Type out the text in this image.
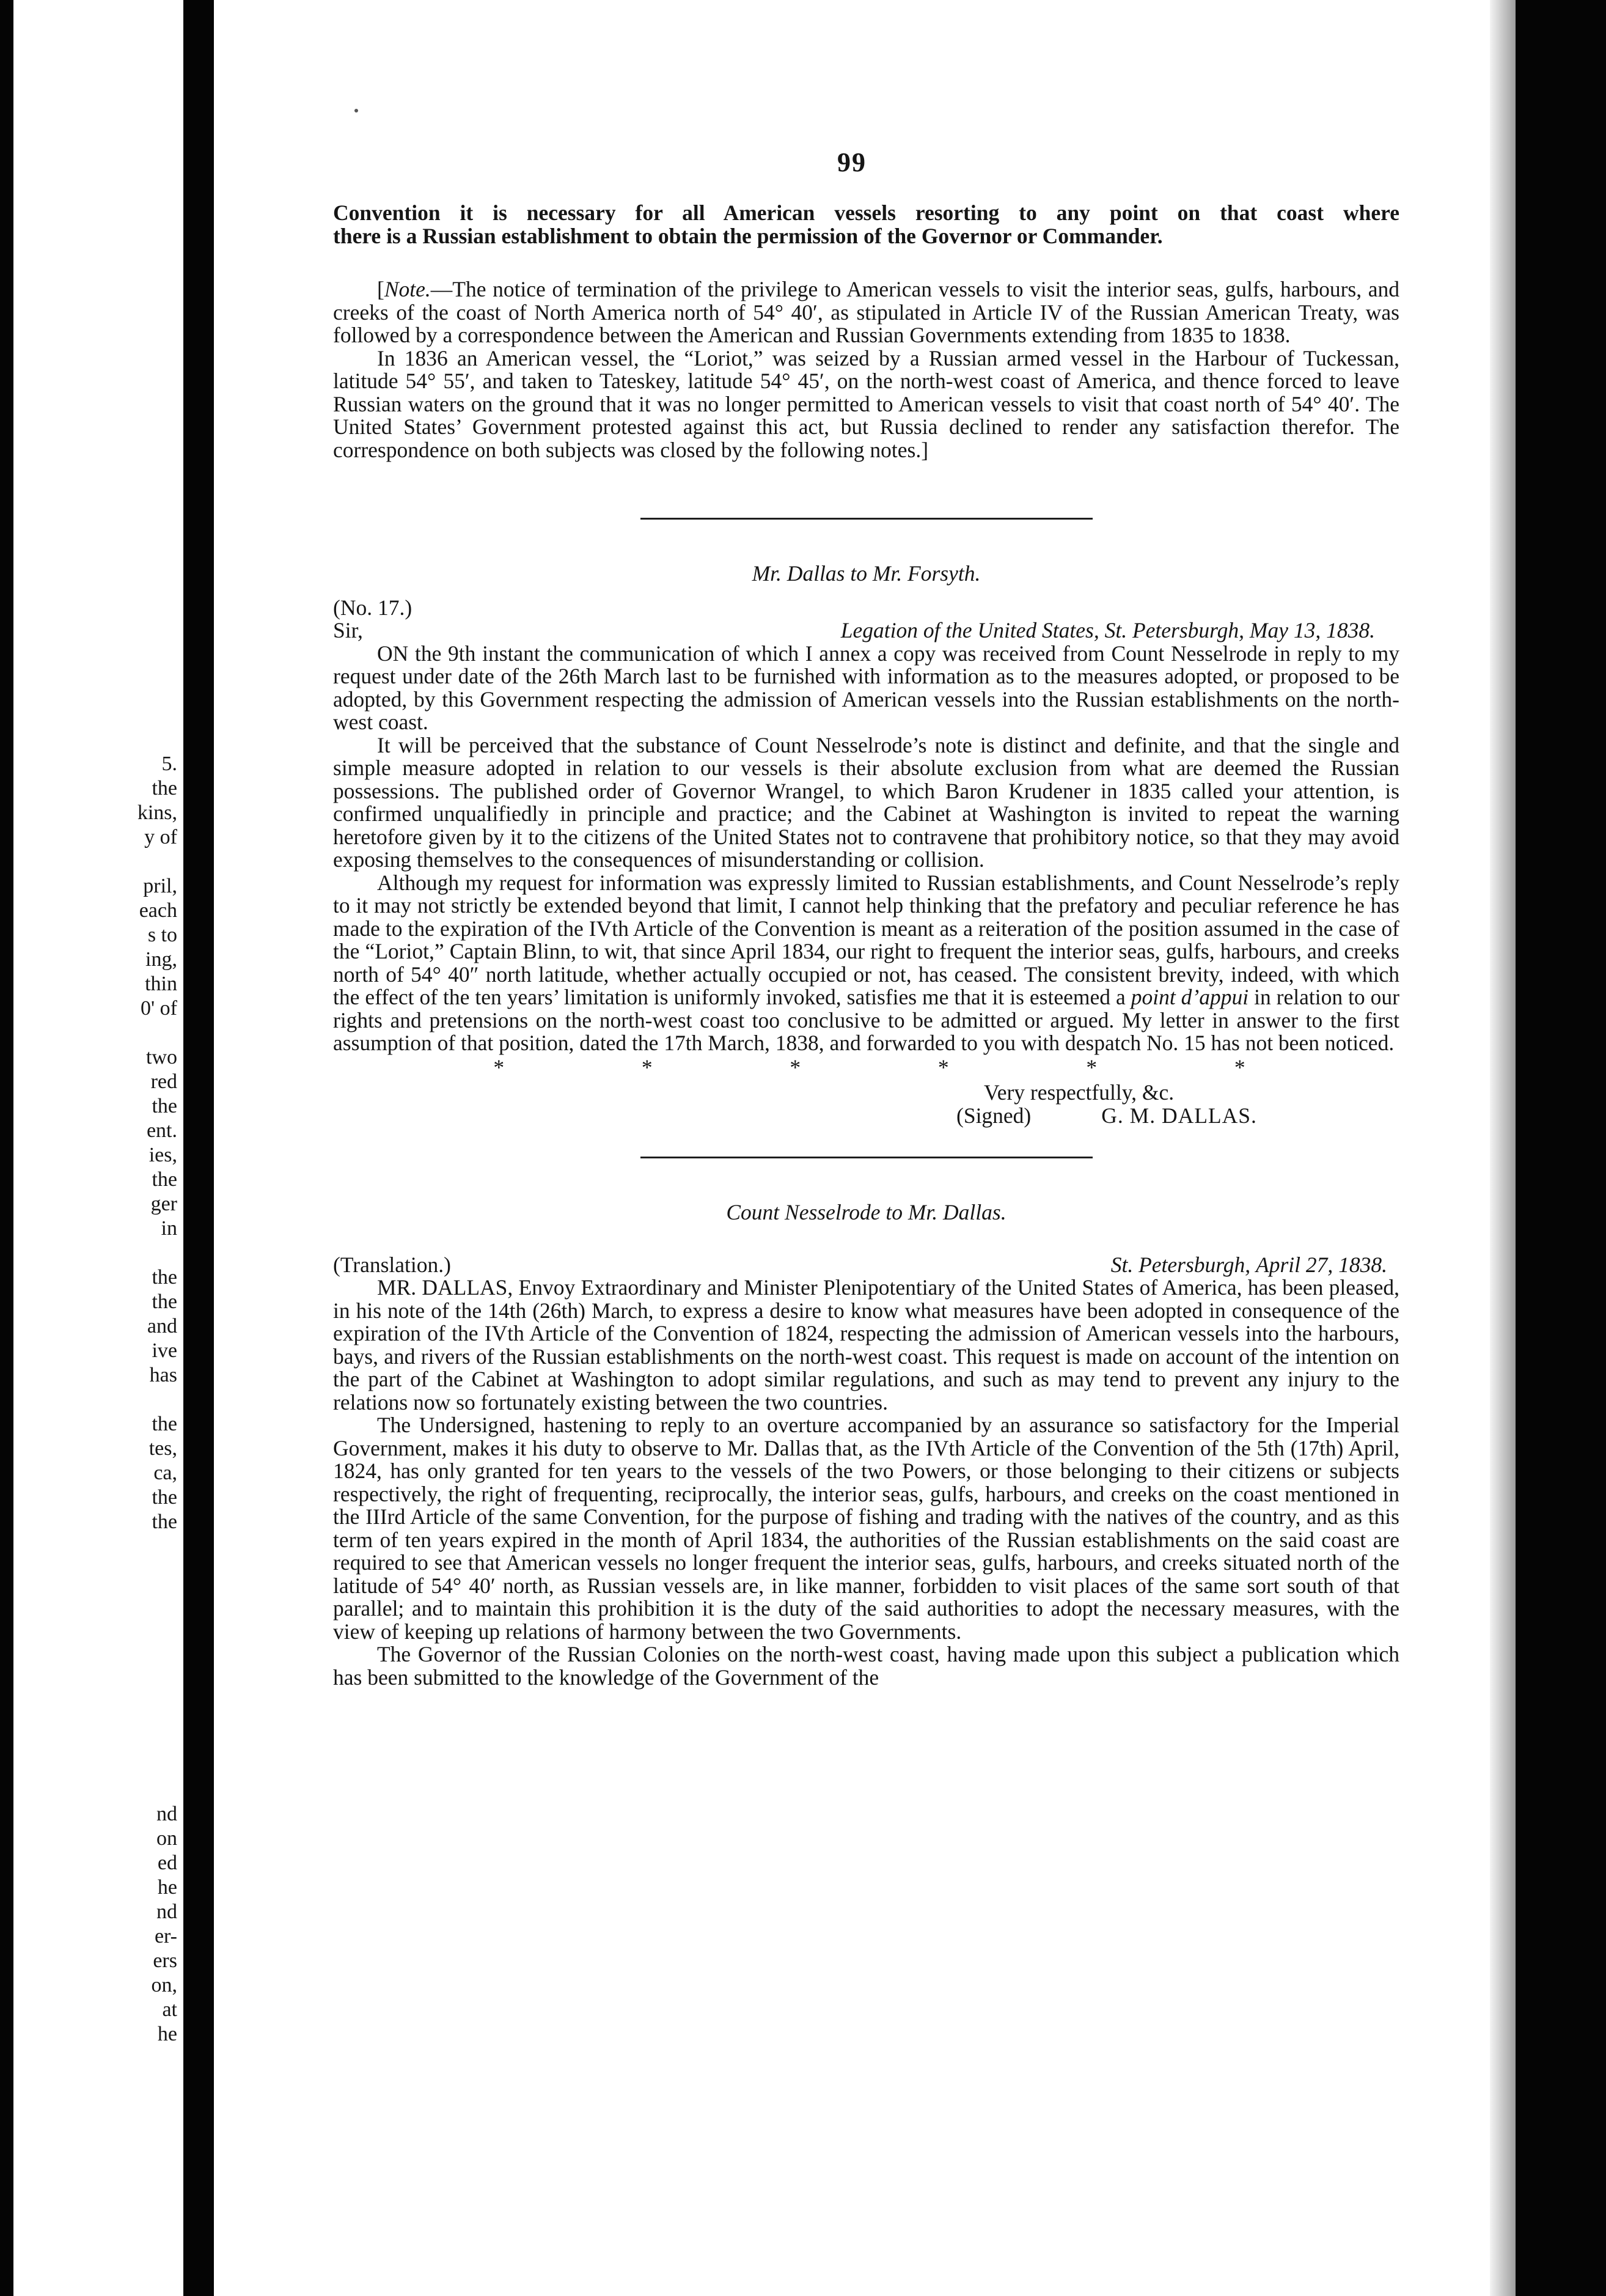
5.
the
kins,
y of
pril,
each
s to
ing,
thin
0' of
two
red
the
ent.
ies,
the
ger
in
the
the
and
ive
has
the
tes,
ca,
the
the
nd
on
ed
he
nd
er-
ers
on,
at
he
99
Convention it is necessary for all American vessels resorting to any point on that coast where
there is a Russian establishment to obtain the permission of the Governor or Commander.

[Note.—The notice of termination of the privilege to American vessels to visit the interior seas, gulfs, harbours, and creeks of the coast of North America north of 54° 40′, as stipulated in Article IV of the Russian American Treaty, was followed by a correspondence between the American and Russian Governments extending from 1835 to 1838.

In 1836 an American vessel, the “Loriot,” was seized by a Russian armed vessel in the Harbour of Tuckessan, latitude 54° 55′, and taken to Tateskey, latitude 54° 45′, on the north-west coast of America, and thence forced to leave Russian waters on the ground that it was no longer permitted to American vessels to visit that coast north of 54° 40′. The United States’ Government protested against this act, but Russia declined to render any satisfaction therefor. The correspondence on both subjects was closed by the following notes.]

Mr. Dallas to Mr. Forsyth.
(No. 17.)
Sir,	Legation of the United States, St. Petersburgh, May 13, 1838.

ON the 9th instant the communication of which I annex a copy was received from Count Nesselrode in reply to my request under date of the 26th March last to be furnished with information as to the measures adopted, or proposed to be adopted, by this Government respecting the admission of American vessels into the Russian establishments on the north-west coast.

It will be perceived that the substance of Count Nesselrode’s note is distinct and definite, and that the single and simple measure adopted in relation to our vessels is their absolute exclusion from what are deemed the Russian possessions. The published order of Governor Wrangel, to which Baron Krudener in 1835 called your attention, is confirmed unqualifiedly in principle and practice; and the Cabinet at Washington is invited to repeat the warning heretofore given by it to the citizens of the United States not to contravene that prohibitory notice, so that they may avoid exposing themselves to the consequences of misunderstanding or collision.

Although my request for information was expressly limited to Russian establishments, and Count Nesselrode’s reply to it may not strictly be extended beyond that limit, I cannot help thinking that the prefatory and peculiar reference he has made to the expiration of the IVth Article of the Convention is meant as a reiteration of the position assumed in the case of the “Loriot,” Captain Blinn, to wit, that since April 1834, our right to frequent the interior seas, gulfs, harbours, and creeks north of 54° 40″ north latitude, whether actually occupied or not, has ceased. The consistent brevity, indeed, with which the effect of the ten years’ limitation is uniformly invoked, satisfies me that it is esteemed a point d’appui in relation to our rights and pretensions on the north-west coast too conclusive to be admitted or argued. My letter in answer to the first assumption of that position, dated the 17th March, 1838, and forwarded to you with despatch No. 15 has not been noticed.

*	*	*	*	*	*
Very respectfully, &c.
(Signed)	G. M. DALLAS.
Count Nesselrode to Mr. Dallas.
(Translation.)	St. Petersburgh, April 27, 1838.

MR. DALLAS, Envoy Extraordinary and Minister Plenipotentiary of the United States of America, has been pleased, in his note of the 14th (26th) March, to express a desire to know what measures have been adopted in consequence of the expiration of the IVth Article of the Convention of 1824, respecting the admission of American vessels into the harbours, bays, and rivers of the Russian establishments on the north-west coast. This request is made on account of the intention on the part of the Cabinet at Washington to adopt similar regulations, and such as may tend to prevent any injury to the relations now so fortunately existing between the two countries.

The Undersigned, hastening to reply to an overture accompanied by an assurance so satisfactory for the Imperial Government, makes it his duty to observe to Mr. Dallas that, as the IVth Article of the Convention of the 5th (17th) April, 1824, has only granted for ten years to the vessels of the two Powers, or those belonging to their citizens or subjects respectively, the right of frequenting, reciprocally, the interior seas, gulfs, harbours, and creeks on the coast mentioned in the IIIrd Article of the same Convention, for the purpose of fishing and trading with the natives of the country, and as this term of ten years expired in the month of April 1834, the authorities of the Russian establishments on the said coast are required to see that American vessels no longer frequent the interior seas, gulfs, harbours, and creeks situated north of the latitude of 54° 40′ north, as Russian vessels are, in like manner, forbidden to visit places of the same sort south of that parallel; and to maintain this prohibition it is the duty of the said authorities to adopt the necessary measures, with the view of keeping up relations of harmony between the two Governments.

The Governor of the Russian Colonies on the north-west coast, having made upon this subject a publication which has been submitted to the knowledge of the Government of the
